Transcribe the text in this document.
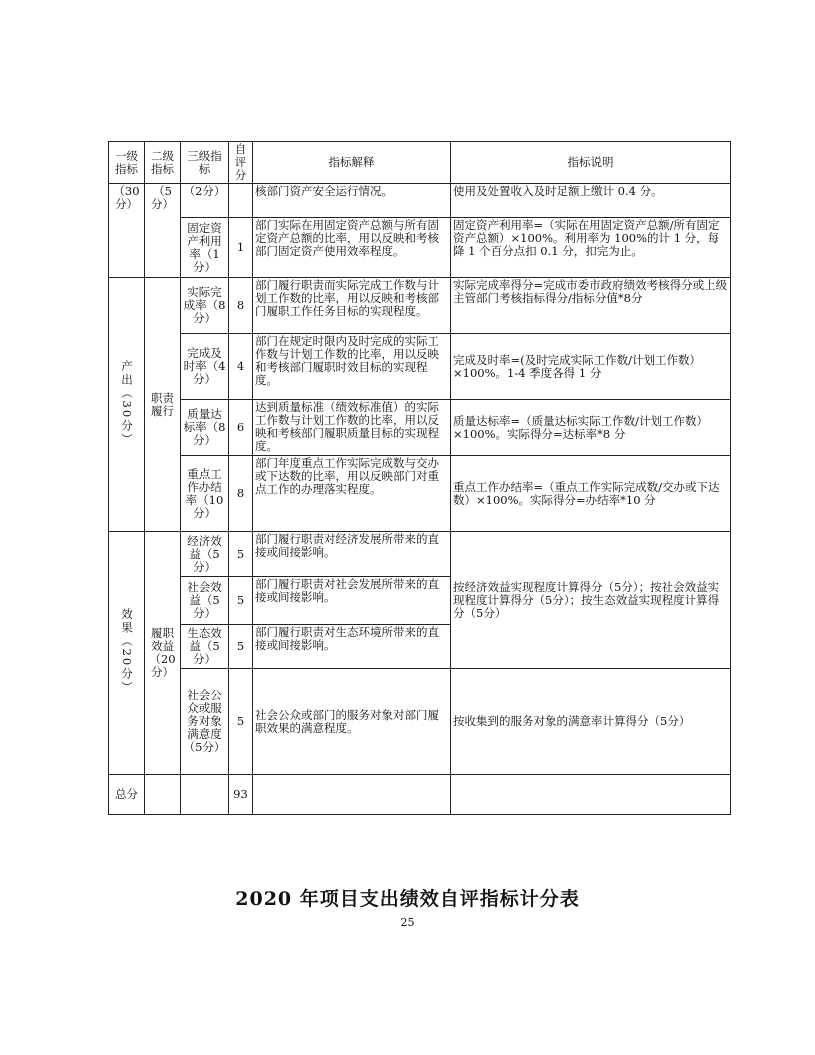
一级指标	二级指标	三级指标	自评分	指标解释	指标说明
（30分）	（5分）	（2分）		核部门资产安全运行情况。	使用及处置收入及时足额上缴计 0.4 分。
		固定资产利用率（1分）	1	部门实际在用固定资产总额与所有固定资产总额的比率，用以反映和考核部门固定资产使用效率程度。	固定资产利用率=（实际在用固定资产总额/所有固定资产总额）×100%。利用率为 100%的计 1 分，每降 1 个百分点扣 0.1 分，扣完为止。
产出（30分）	职责履行	实际完成率（8分）	8	部门履行职责而实际完成工作数与计划工作数的比率，用以反映和考核部门履职工作任务目标的实现程度。	实际完成率得分=完成市委市政府绩效考核得分或上级主管部门考核指标得分/指标分值*8分
		完成及时率（4分）	4	部门在规定时限内及时完成的实际工作数与计划工作数的比率，用以反映和考核部门履职时效目标的实现程度。	完成及时率=(及时完成实际工作数/计划工作数）×100%。1-4 季度各得 1 分
		质量达标率（8分）	6	达到质量标准（绩效标准值）的实际工作数与计划工作数的比率，用以反映和考核部门履职质量目标的实现程度。	质量达标率=（质量达标实际工作数/计划工作数）×100%。实际得分=达标率*8 分
		重点工作办结率（10分）	8	部门年度重点工作实际完成数与交办或下达数的比率，用以反映部门对重点工作的办理落实程度。	重点工作办结率=（重点工作实际完成数/交办或下达数）×100%。实际得分=办结率*10 分
效果（20分）	履职效益（20分）	经济效益（5分）	5	部门履行职责对经济发展所带来的直接或间接影响。	按经济效益实现程度计算得分（5分）；按社会效益实现程度计算得分（5分）；按生态效益实现程度计算得分（5分）
		社会效益（5分）	5	部门履行职责对社会发展所带来的直接或间接影响。	
		生态效益（5分）	5	部门履行职责对生态环境所带来的直接或间接影响。	
		社会公众或服务对象满意度（5分）	5	社会公众或部门的服务对象对部门履职效果的满意程度。	按收集到的服务对象的满意率计算得分（5分）
总分			93		
2020 年项目支出绩效自评指标计分表
25
